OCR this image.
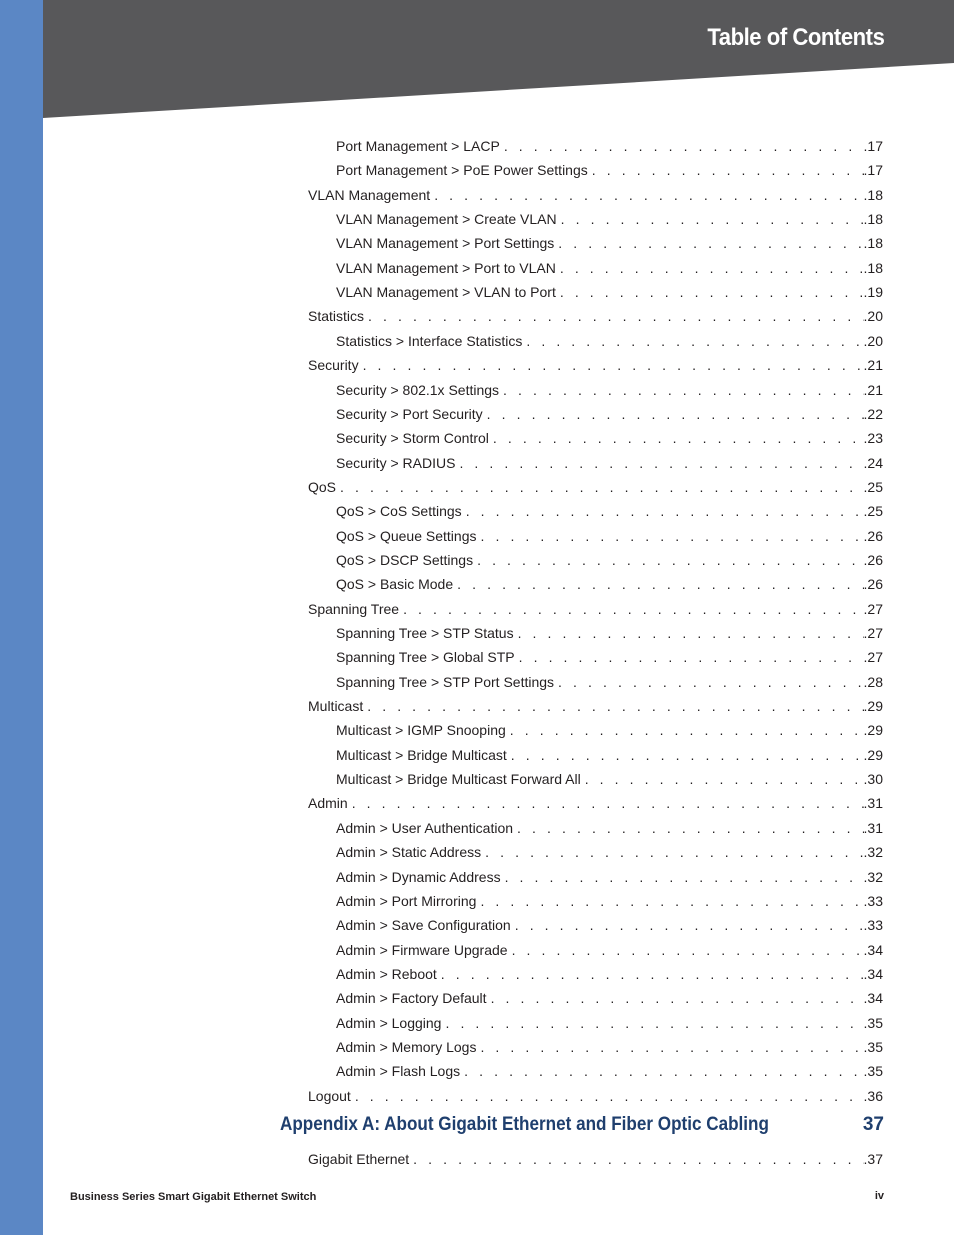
Table of Contents
Port Management > LACP . . .	.17
Port Management > PoE Power Settings . . .	.17
VLAN Management . . .	.18
VLAN Management > Create VLAN . . .	.18
VLAN Management > Port Settings . . .	.18
VLAN Management > Port to VLAN . . .	.18
VLAN Management > VLAN to Port . . .	.19
Statistics . . .	.20
Statistics > Interface Statistics . . .	.20
Security . . .	.21
Security > 802.1x Settings . . .	.21
Security > Port Security . . .	.22
Security > Storm Control . . .	.23
Security > RADIUS . . .	.24
QoS . . .	.25
QoS > CoS Settings . . .	.25
QoS > Queue Settings . . .	.26
QoS > DSCP Settings . . .	.26
QoS > Basic Mode . . .	.26
Spanning Tree . . .	.27
Spanning Tree > STP Status . . .	.27
Spanning Tree > Global STP . . .	.27
Spanning Tree > STP Port Settings . . .	.28
Multicast . . .	.29
Multicast > IGMP Snooping . . .	.29
Multicast > Bridge Multicast . . .	.29
Multicast > Bridge Multicast Forward All . . .	.30
Admin . . .	.31
Admin > User Authentication . . .	.31
Admin > Static Address . . .	.32
Admin > Dynamic Address . . .	.32
Admin > Port Mirroring . . .	.33
Admin > Save Configuration . . .	.33
Admin > Firmware Upgrade . . .	.34
Admin > Reboot . . .	.34
Admin > Factory Default . . .	.34
Admin > Logging . . .	.35
Admin > Memory Logs . . .	.35
Admin > Flash Logs . . .	.35
Logout . . .	.36
Appendix A: About Gigabit Ethernet and Fiber Optic Cabling	37
Gigabit Ethernet . . .	.37
Business Series Smart Gigabit Ethernet Switch	iv
